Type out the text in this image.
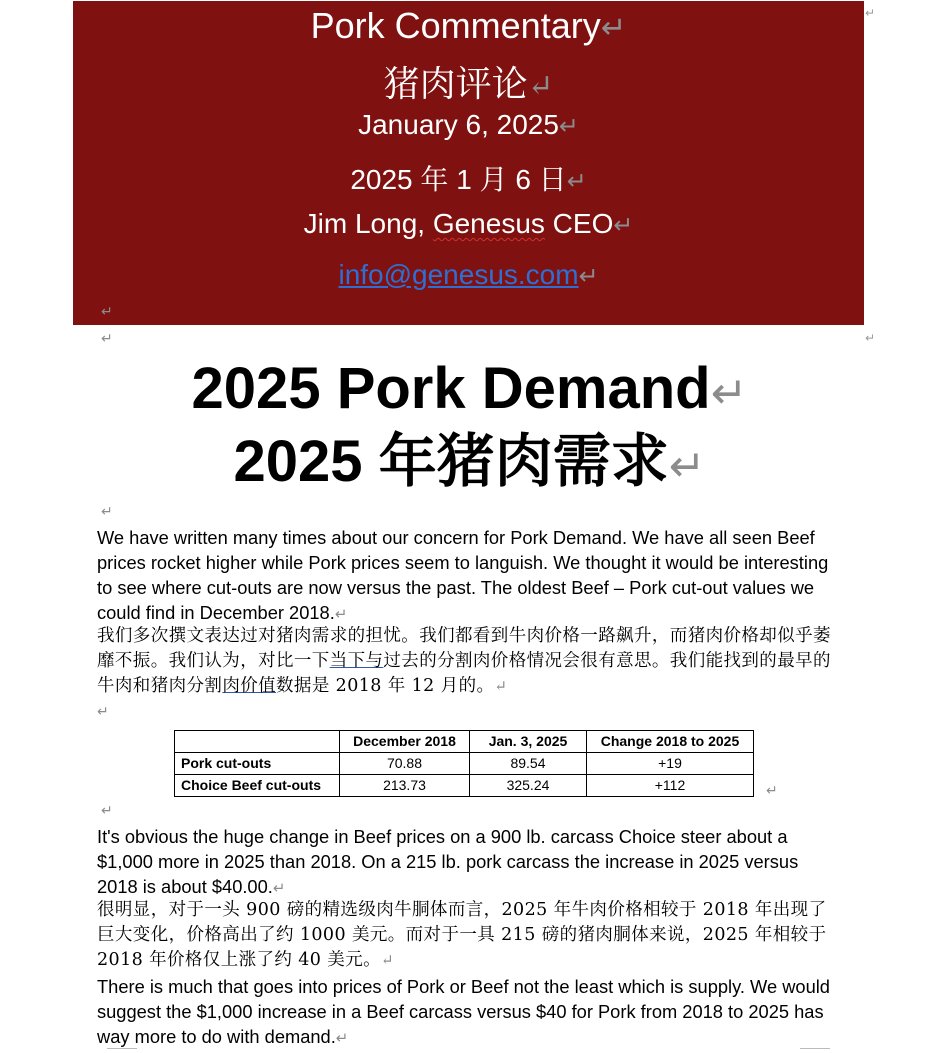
Pork Commentary ↵
猪肉评论 ↵
January 6, 2025 ↵
2025 年 1 月 6 日 ↵
Jim Long, Genesus CEO ↵
info@genesus.com ↵
↵
↵
↵
↵
2025 Pork Demand ↵
2025 年猪肉需求 ↵
↵

We have written many times about our concern for Pork Demand. We have all seen Beef prices rocket higher while Pork prices seem to languish. We thought it would be interesting to see where cut-outs are now versus the past. The oldest Beef – Pork cut-out values we could find in December 2018. ↵

我们多次撰文表达过对猪肉需求的担忧。我们都看到牛肉价格一路飙升，而猪肉价格却似乎萎靡不振。我们认为，对比一下当下与过去的分割肉价格情况会很有意思。我们能找到的最早的牛肉和猪肉分割肉价值数据是 2018 年 12 月的。 ↵

↵
	December 2018	Jan. 3, 2025	Change 2018 to 2025
Pork cut-outs	70.88	89.54	+19
Choice Beef cut-outs	213.73	325.24	+112
↵
↵

It's obvious the huge change in Beef prices on a 900 lb. carcass Choice steer about a $1,000 more in 2025 than 2018. On a 215 lb. pork carcass the increase in 2025 versus 2018 is about $40.00. ↵

很明显，对于一头 900 磅的精选级肉牛胴体而言，2025 年牛肉价格相较于 2018 年出现了巨大变化，价格高出了约 1000 美元。而对于一具 215 磅的猪肉胴体来说，2025 年相较于 2018 年价格仅上涨了约 40 美元。 ↵

There is much that goes into prices of Pork or Beef not the least which is supply. We would suggest the $1,000 increase in a Beef carcass versus $40 for Pork from 2018 to 2025 has way more to do with demand. ↵
